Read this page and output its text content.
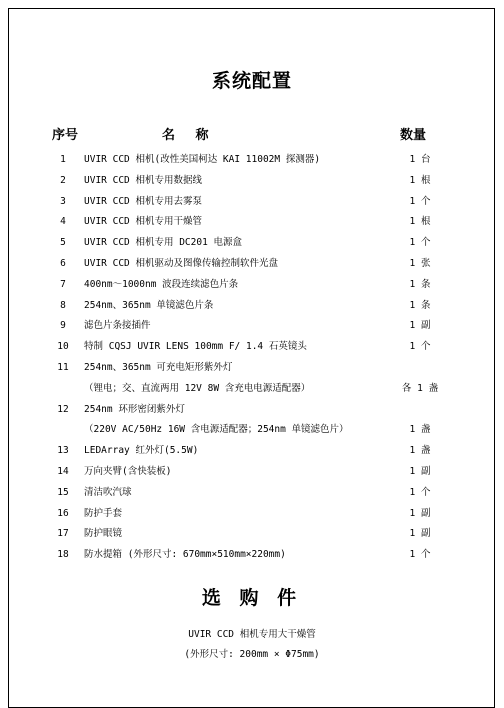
系统配置
序号	名 称	数量
1	UVIR CCD 相机(改性美国柯达 KAI 11002M 探测器)	1 台
2	UVIR CCD 相机专用数据线	1 根
3	UVIR CCD 相机专用去雾泵	1 个
4	UVIR CCD 相机专用干燥管	1 根
5	UVIR CCD 相机专用 DC201 电源盒	1 个
6	UVIR CCD 相机驱动及图像传输控制软件光盘	1 张
7	400nm～1000nm 波段连续滤色片条	1 条
8	254nm、365nm 单镜滤色片条	1 条
9	滤色片条接插件	1 副
10	特制 CQSJ UVIR LENS 100mm F/ 1.4 石英镜头	1 个
11	254nm、365nm 可充电矩形紫外灯
（锂电；交、直流两用 12V 8W 含充电电源适配器）	各 1 盏
12	254nm 环形密闭紫外灯
（220V AC/50Hz 16W 含电源适配器；254nm 单镜滤色片）	1 盏
13	LEDArray 红外灯(5.5W)	1 盏
14	万向夹臂(含快装板)	1 副
15	清洁吹汽球	1 个
16	防护手套	1 副
17	防护眼镜	1 副
18	防水提箱 (外形尺寸: 670mm×510mm×220mm)	1 个
选 购 件
UVIR CCD 相机专用大干燥管
(外形尺寸: 200mm × Φ75mm)
